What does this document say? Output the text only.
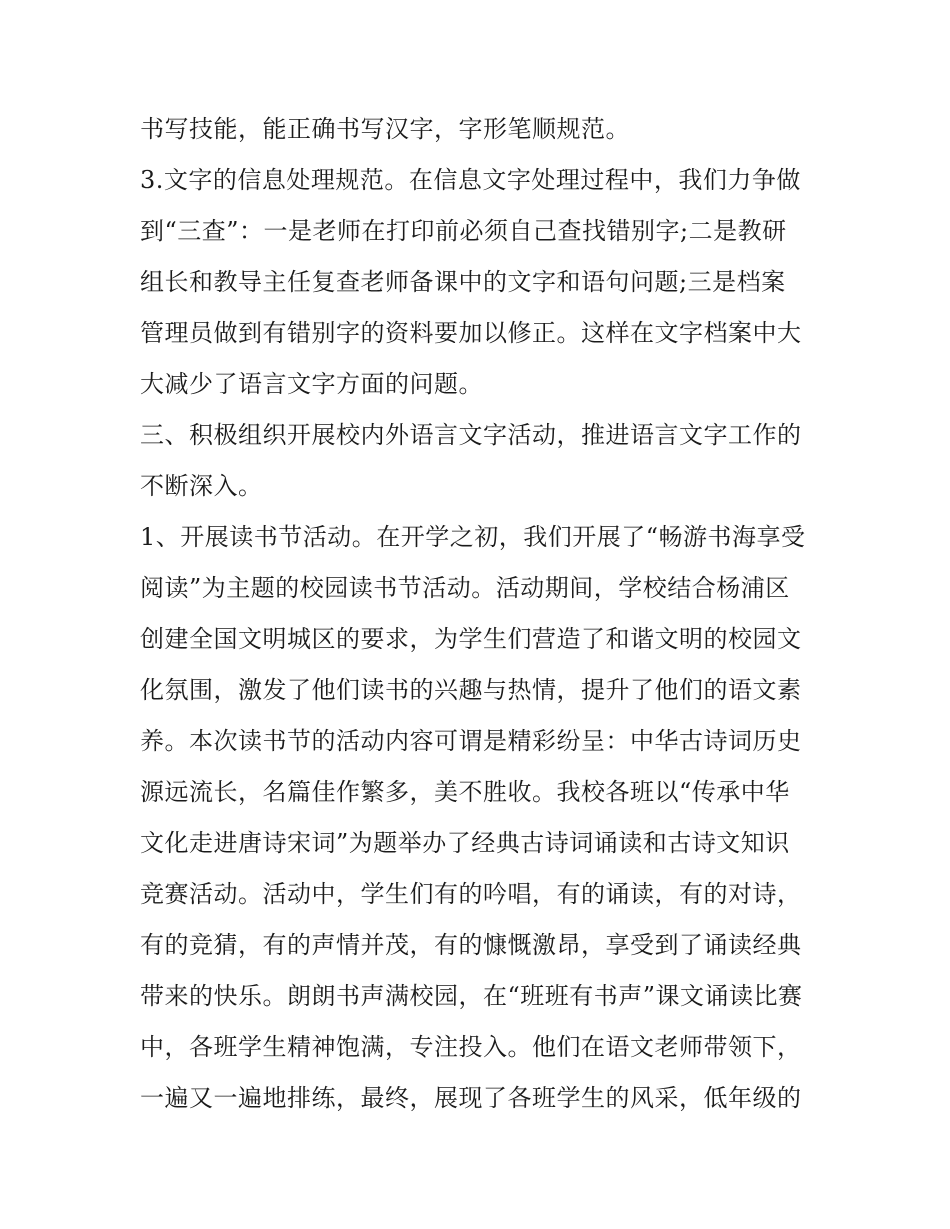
书写技能，能正确书写汉字，字形笔顺规范。
3.文字的信息处理规范。在信息文字处理过程中，我们力争做
到“三查”：一是老师在打印前必须自己查找错别字;二是教研
组长和教导主任复查老师备课中的文字和语句问题;三是档案
管理员做到有错别字的资料要加以修正。这样在文字档案中大
大减少了语言文字方面的问题。
三、积极组织开展校内外语言文字活动，推进语言文字工作的
不断深入。
1、开展读书节活动。在开学之初，我们开展了“畅游书海享受
阅读”为主题的校园读书节活动。活动期间，学校结合杨浦区
创建全国文明城区的要求，为学生们营造了和谐文明的校园文
化氛围，激发了他们读书的兴趣与热情，提升了他们的语文素
养。本次读书节的活动内容可谓是精彩纷呈：中华古诗词历史
源远流长，名篇佳作繁多，美不胜收。我校各班以“传承中华
文化走进唐诗宋词”为题举办了经典古诗词诵读和古诗文知识
竞赛活动。活动中，学生们有的吟唱，有的诵读，有的对诗，
有的竞猜，有的声情并茂，有的慷慨激昂，享受到了诵读经典
带来的快乐。朗朗书声满校园，在“班班有书声”课文诵读比赛
中，各班学生精神饱满，专注投入。他们在语文老师带领下，
一遍又一遍地排练，最终，展现了各班学生的风采，低年级的
